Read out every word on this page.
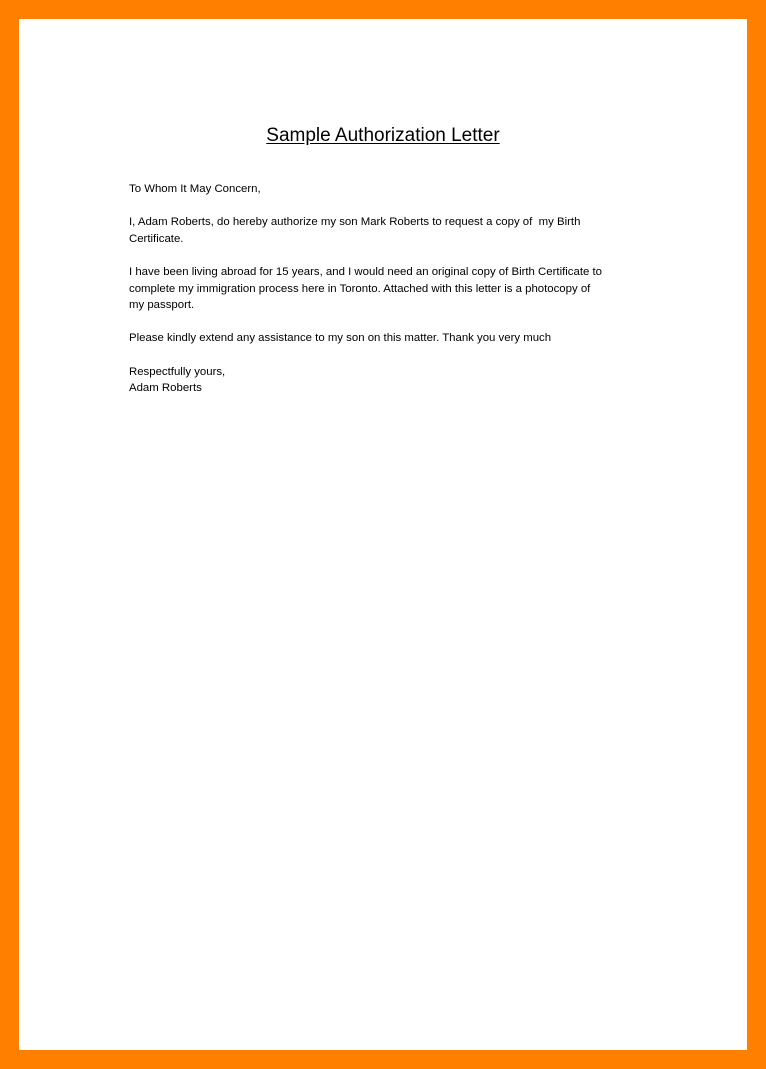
Sample Authorization Letter

To Whom It May Concern,

I, Adam Roberts, do hereby authorize my son Mark Roberts to request a copy of  my Birth
Certificate.

I have been living abroad for 15 years, and I would need an original copy of Birth Certificate to
complete my immigration process here in Toronto. Attached with this letter is a photocopy of
my passport.

Please kindly extend any assistance to my son on this matter. Thank you very much

Respectfully yours,
Adam Roberts
